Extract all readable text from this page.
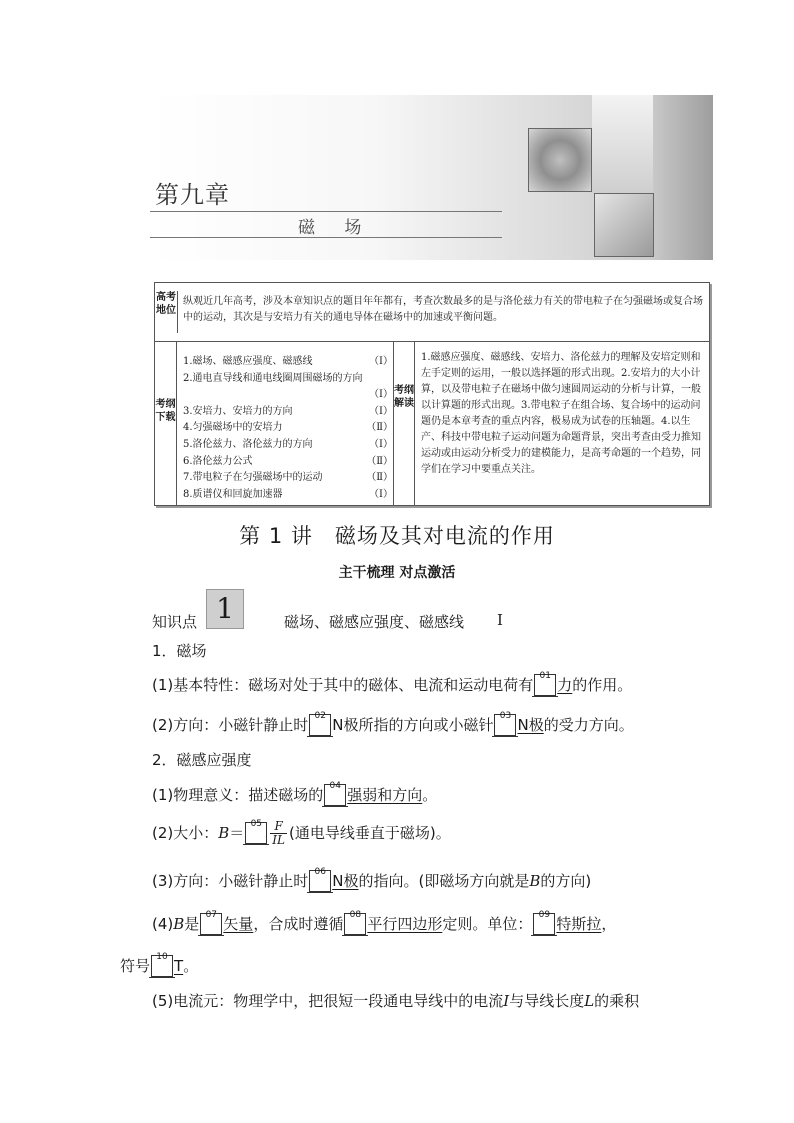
第九章
磁 场
高考地位
纵观近几年高考，涉及本章知识点的题目年年都有，考查次数最多的是与洛伦兹力有关的带电粒子在匀强磁场或复合场中的运动，其次是与安培力有关的通电导体在磁场中的加速或平衡问题。
考纲下载
1.磁场、磁感应强度、磁感线	（Ⅰ）
2.通电直导线和通电线圈周围磁场的方向
（Ⅰ）
3.安培力、安培力的方向	（Ⅰ）
4.匀强磁场中的安培力	（Ⅱ）
5.洛伦兹力、洛伦兹力的方向	（Ⅰ）
6.洛伦兹力公式	（Ⅱ）
7.带电粒子在匀强磁场中的运动	（Ⅱ）
8.质谱仪和回旋加速器	（Ⅰ）
考纲解读
1.磁感应强度、磁感线、安培力、洛伦兹力的理解及安培定则和左手定则的运用，一般以选择题的形式出现。2.安培力的大小计算，以及带电粒子在磁场中做匀速圆周运动的分析与计算，一般以计算题的形式出现。3.带电粒子在组合场、复合场中的运动问题仍是本章考查的重点内容，极易成为试卷的压轴题。4.以生产、科技中带电粒子运动问题为命题背景，突出考查由受力推知运动或由运动分析受力的建模能力，是高考命题的一个趋势，同学们在学习中要重点关注。
第 1 讲　磁场及其对电流的作用
主干梳理 对点激活
知识点 1	磁场、磁感应强度、磁感线 Ⅰ
1．磁场
(1)基本特性：磁场对处于其中的磁体、电流和运动电荷有 01 力的作用。
(2)方向：小磁针静止时 02 N极所指的方向或小磁针 03 N极的受力方向。
2．磁感应强度
(1)物理意义：描述磁场的 04 强弱和方向。
(2)大小：$B= 05 \frac{F}{IL}$ (通电导线垂直于磁场)。
(3)方向：小磁针静止时 06 N极的指向。(即磁场方向就是B的方向)
(4)B是 07 矢量，合成时遵循 08 平行四边形定则。单位： 09 特斯拉，
符号 10 T。
(5)电流元：物理学中，把很短一段通电导线中的电流I与导线长度L的乘积
